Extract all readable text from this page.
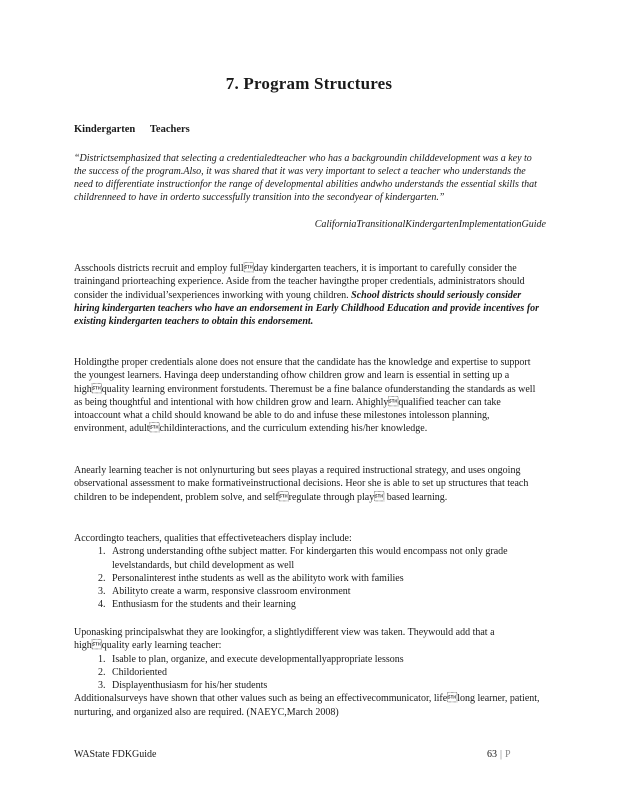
7. Program Structures
Kindergarten Teachers

“Districtsemphasized that selecting a credentialedteacher who has a backgroundin childdevelopment was a key to the success of the program.Also, it was shared that it was very important to select a teacher who understands the need to differentiate instructionfor the range of developmental abilities andwho understands the essential skills that childrenneed to have in orderto successfully transition into the secondyear of kindergarten.”

CaliforniaTransitionalKindergartenImplementationGuide

Asschools districts recruit and employ fullday kindergarten teachers, it is important to carefully consider the trainingand priorteaching experience. Aside from the teacher havingthe proper credentials, administrators should consider the individual’sexperiences inworking with young children. School districts should seriously consider hiring kindergarten teachers who have an endorsement in Early Childhood Education and provide incentives for existing kindergarten teachers to obtain this endorsement.

Holdingthe proper credentials alone does not ensure that the candidate has the knowledge and expertise to support the youngest learners. Havinga deep understanding ofhow children grow and learn is essential in setting up a highquality learning environment forstudents. Theremust be a fine balance ofunderstanding the standards as well as being thoughtful and intentional with how children grow and learn. Ahighlyqualified teacher can take intoaccount what a child should knowand be able to do and infuse these milestones intolesson planning, environment, adultchildinteractions, and the curriculum extending his/her knowledge.

Anearly learning teacher is not onlynurturing but sees playas a required instructional strategy, and uses ongoing observational assessment to make formativeinstructional decisions. Heor she is able to set up structures that teach children to be independent, problem solve, and selfregulate through play based learning.

Accordingto teachers, qualities that effectiveteachers display include:

1. Astrong understanding ofthe subject matter. For kindergarten this would encompass not only grade levelstandards, but child development as well
2. Personalinterest inthe students as well as the abilityto work with families
3. Abilityto create a warm, responsive classroom environment
4. Enthusiasm for the students and their learning

Uponasking principalswhat they are lookingfor, a slightlydifferent view was taken. Theywould add that a highquality early learning teacher:

1. Isable to plan, organize, and execute developmentallyappropriate lessons
2. Childoriented
3. Displayenthusiasm for his/her students

Additionalsurveys have shown that other values such as being an effectivecommunicator, lifelong learner, patient, nurturing, and organized also are required. (NAEYC,March 2008)

WAState FDKGuide	63 | P
